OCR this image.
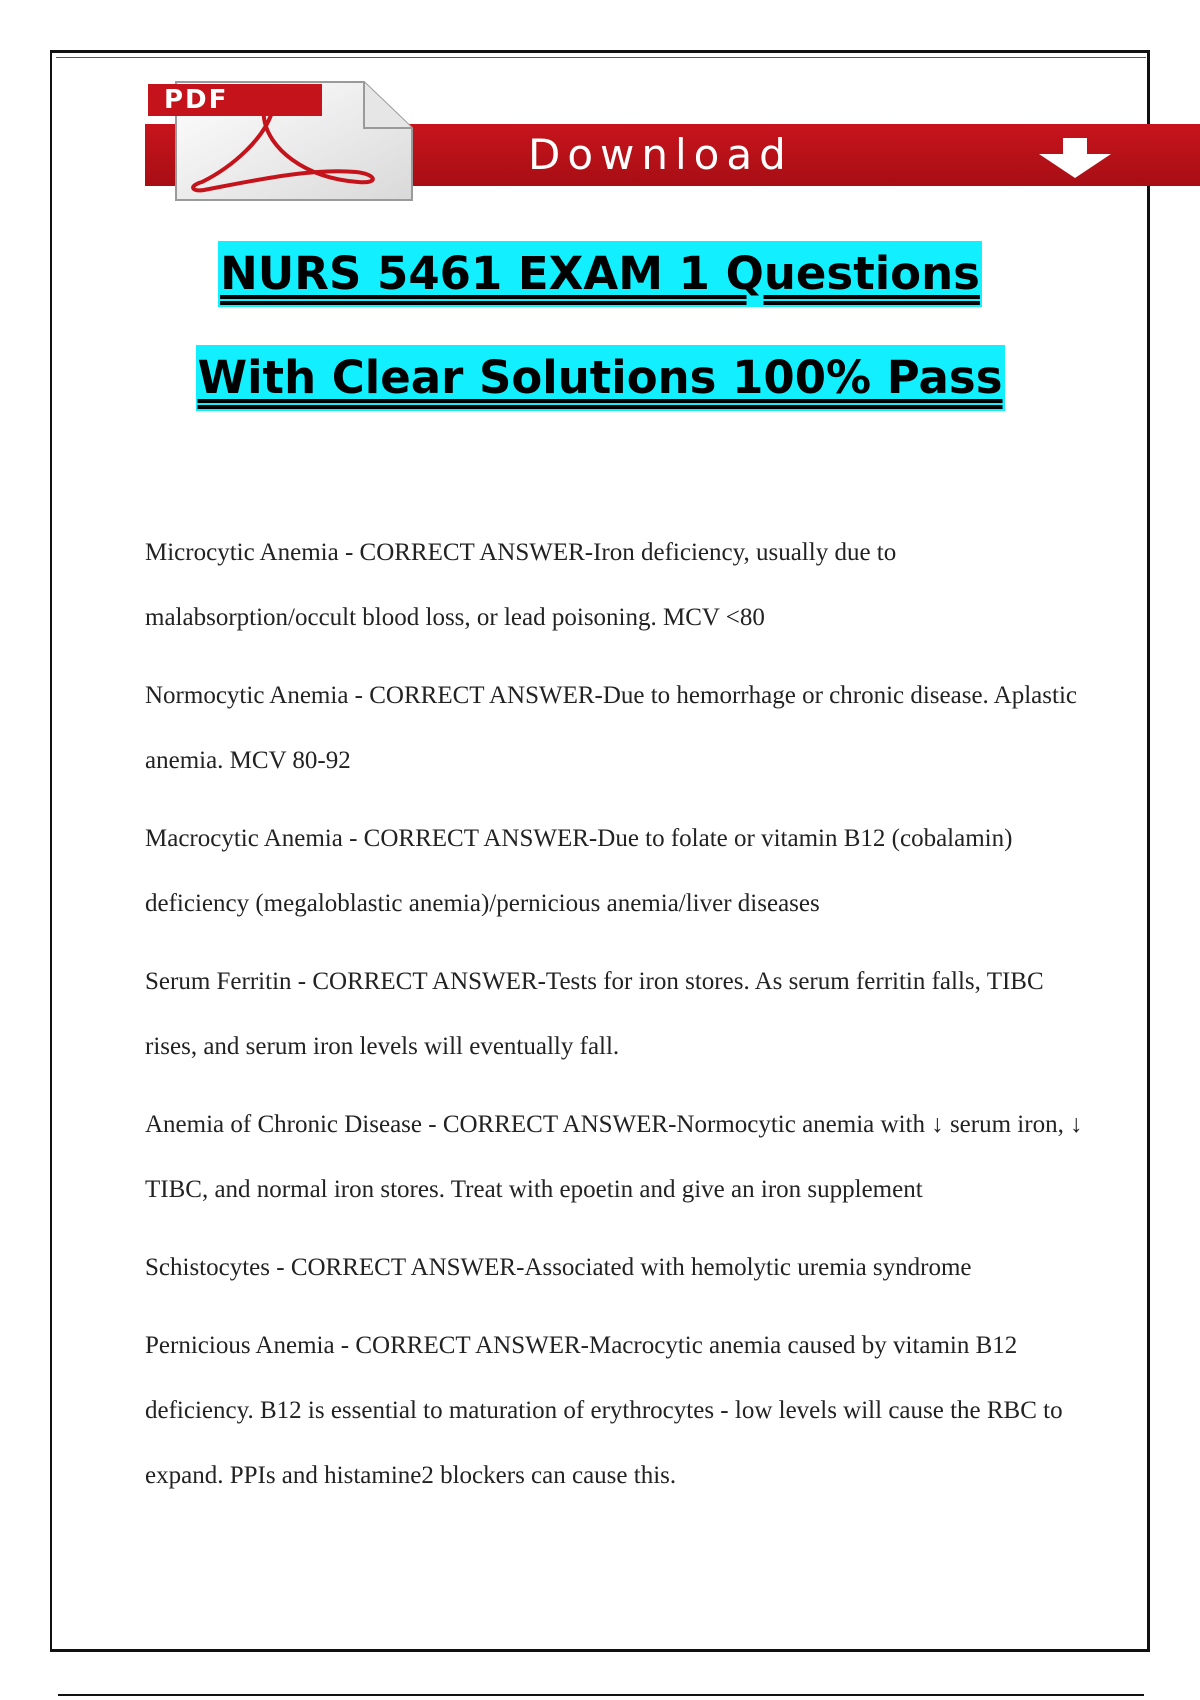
PDF
Download
NURS 5461 EXAM 1 Questions
With Clear Solutions 100% Pass

Microcytic Anemia - CORRECT ANSWER-Iron deficiency, usually due to malabsorption/occult blood loss, or lead poisoning. MCV <80

Normocytic Anemia - CORRECT ANSWER-Due to hemorrhage or chronic disease. Aplastic anemia. MCV 80-92

Macrocytic Anemia - CORRECT ANSWER-Due to folate or vitamin B12 (cobalamin) deficiency (megaloblastic anemia)/pernicious anemia/liver diseases

Serum Ferritin - CORRECT ANSWER-Tests for iron stores. As serum ferritin falls, TIBC rises, and serum iron levels will eventually fall.

Anemia of Chronic Disease - CORRECT ANSWER-Normocytic anemia with ↓ serum iron, ↓ TIBC, and normal iron stores. Treat with epoetin and give an iron supplement

Schistocytes - CORRECT ANSWER-Associated with hemolytic uremia syndrome

Pernicious Anemia - CORRECT ANSWER-Macrocytic anemia caused by vitamin B12 deficiency. B12 is essential to maturation of erythrocytes - low levels will cause the RBC to expand. PPIs and histamine2 blockers can cause this.
